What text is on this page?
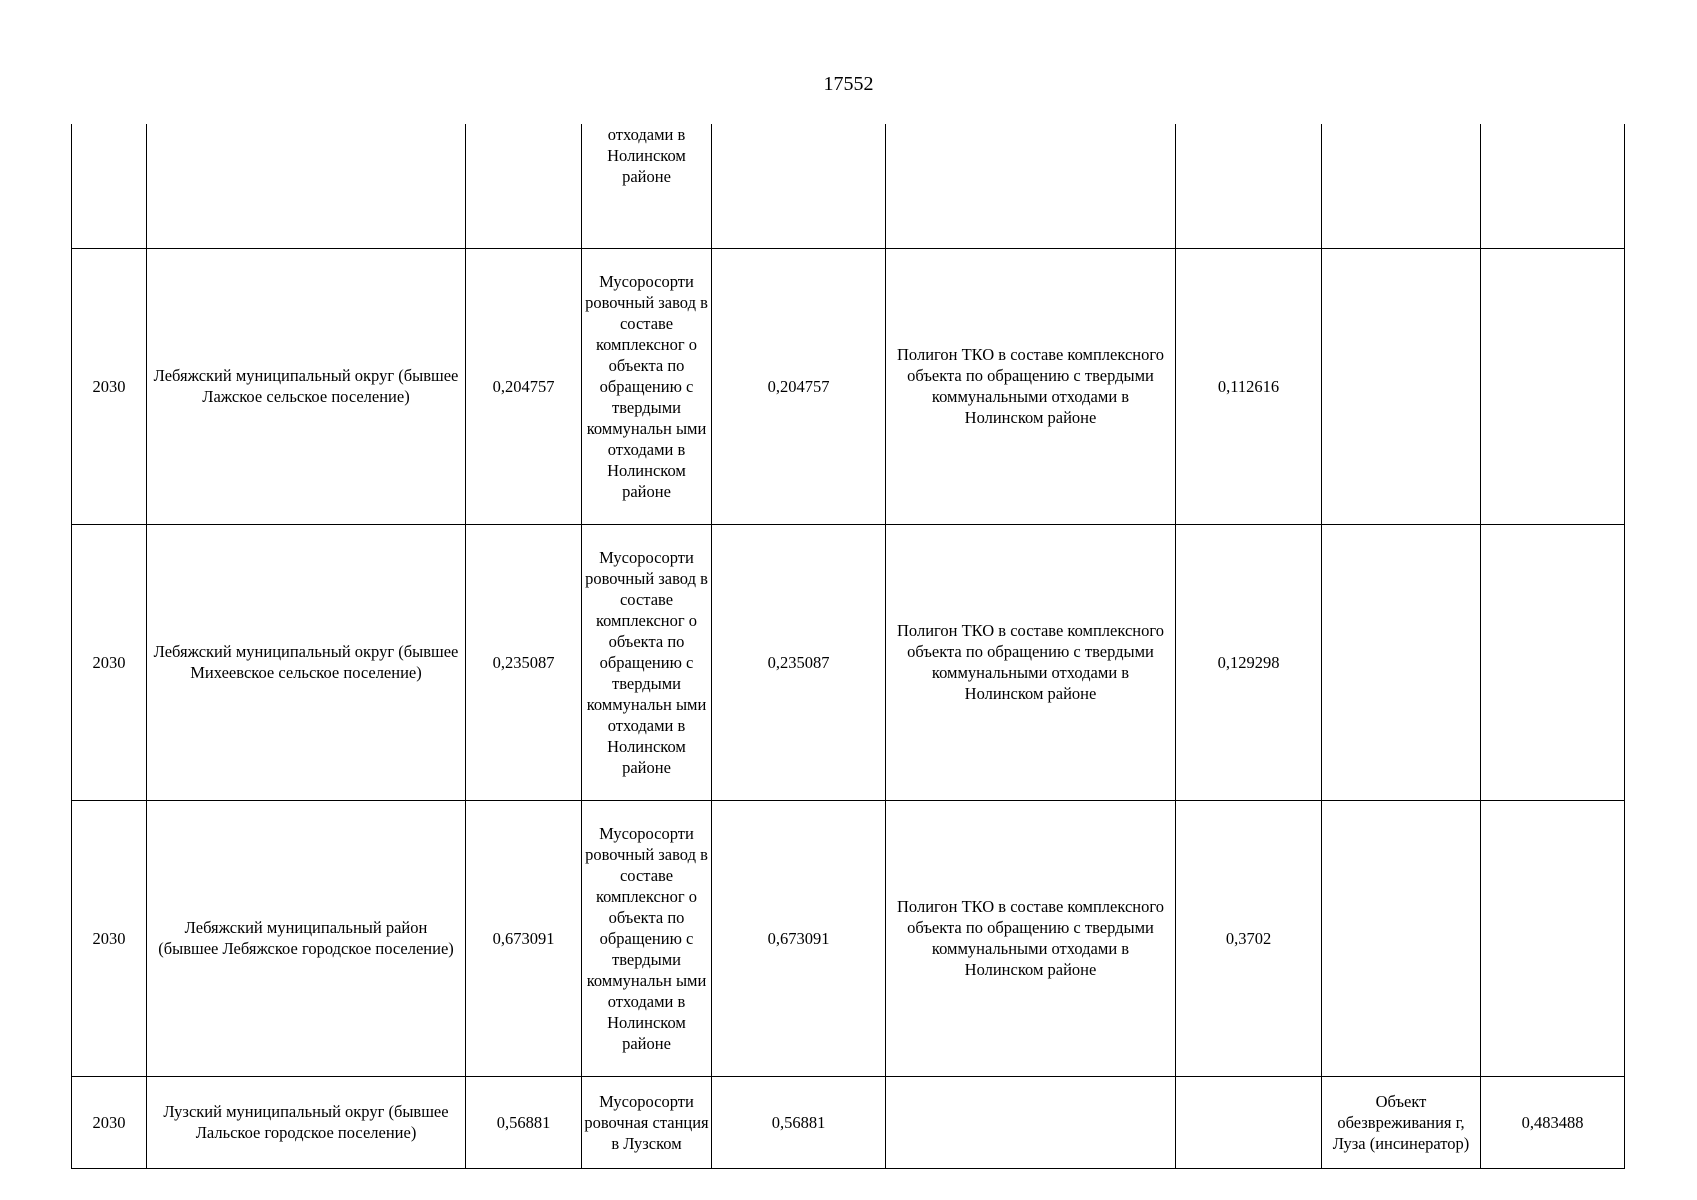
17552

			отходами в
Нолинском
районе					

2030	Лебяжский муниципальный округ (бывшее Лажское сельское поселение)	0,204757	Мусоросорти ровочный завод в составе комплексног о объекта по обращению с твердыми коммунальн ыми отходами в Нолинском районе	0,204757	Полигон ТКО в составе комплексного объекта по обращению с твердыми коммунальными отходами в Нолинском районе	0,112616		
2030	Лебяжский муниципальный округ (бывшее Михеевское сельское поселение)	0,235087	Мусоросорти ровочный завод в составе комплексног о объекта по обращению с твердыми коммунальн ыми отходами в Нолинском районе	0,235087	Полигон ТКО в составе комплексного объекта по обращению с твердыми коммунальными отходами в Нолинском районе	0,129298		
2030	Лебяжский муниципальный район (бывшее Лебяжское городское поселение)	0,673091	Мусоросорти ровочный завод в составе комплексног о объекта по обращению с твердыми коммунальн ыми отходами в Нолинском районе	0,673091	Полигон ТКО в составе комплексного объекта по обращению с твердыми коммунальными отходами в Нолинском районе	0,3702		
2030	Лузский муниципальный округ (бывшее Лальское городское поселение)	0,56881	Мусоросорти ровочная станция в Лузском	0,56881			Объект обезвреживания г, Луза (инсинератор)	0,483488
